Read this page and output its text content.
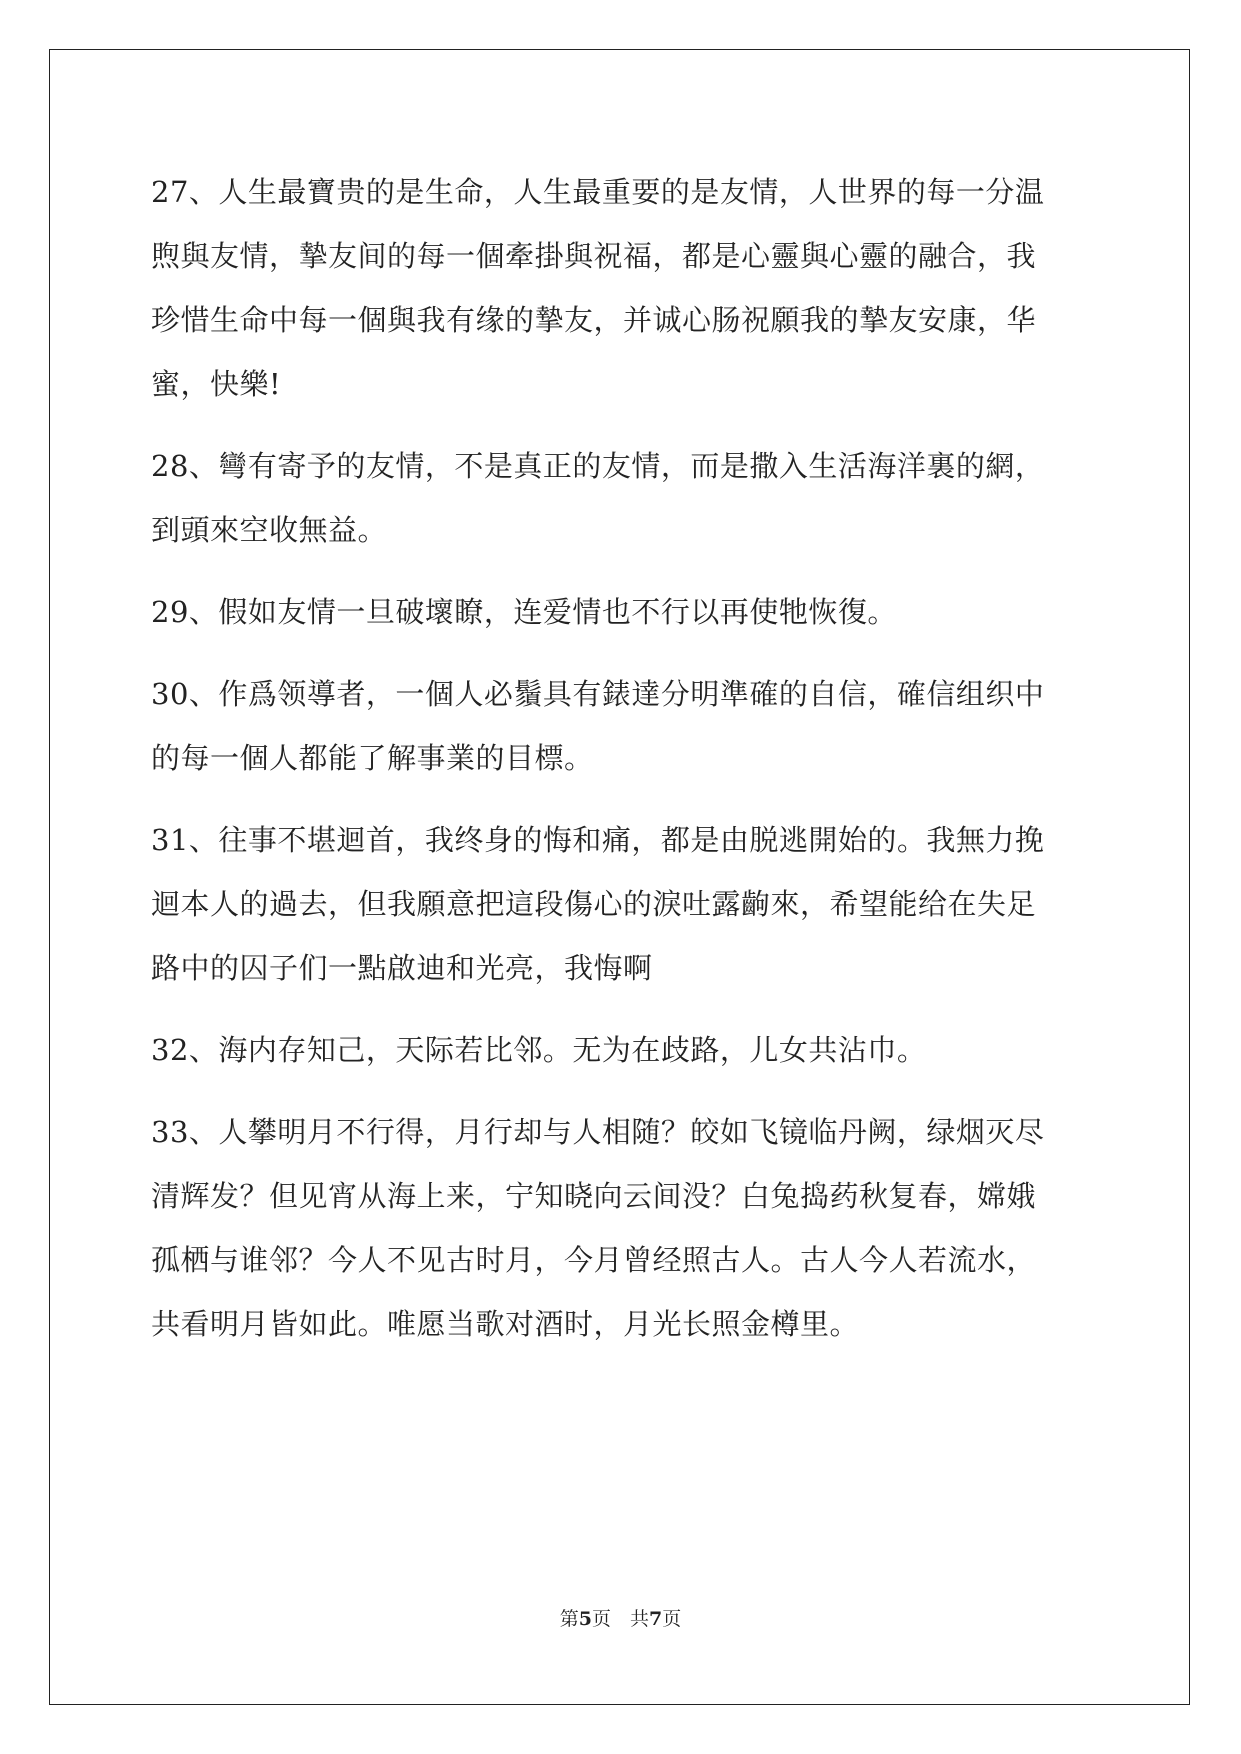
27、人生最寶贵的是生命，人生最重要的是友情，人世界的每一分温
煦與友情，摯友间的每一個牽掛與祝福，都是心靈與心靈的融合，我
珍惜生命中每一個與我有缘的摯友，并诚心肠祝願我的摯友安康，华
蜜，快樂!
28、彎有寄予的友情，不是真正的友情，而是撒入生活海洋裏的網，
到頭來空收無益。
29、假如友情一旦破壞瞭，连爱情也不行以再使牠恢復。
30、作爲领導者，一個人必鬚具有錶達分明準確的自信，確信组织中
的每一個人都能了解事業的目標。
31、往事不堪迴首，我终身的悔和痛，都是由脱逃開始的。我無力挽
迴本人的過去，但我願意把這段傷心的淚吐露齣來，希望能给在失足
路中的囚子们一點啟迪和光亮，我悔啊
32、海内存知己，天际若比邻。无为在歧路，儿女共沾巾。
33、人攀明月不行得，月行却与人相随？皎如飞镜临丹阙，绿烟灭尽
清辉发？但见宵从海上来，宁知晓向云间没？白兔捣药秋复春，嫦娥
孤栖与谁邻？今人不见古时月，今月曾经照古人。古人今人若流水，
共看明月皆如此。唯愿当歌对酒时，月光长照金樽里。
第5页　共7页
